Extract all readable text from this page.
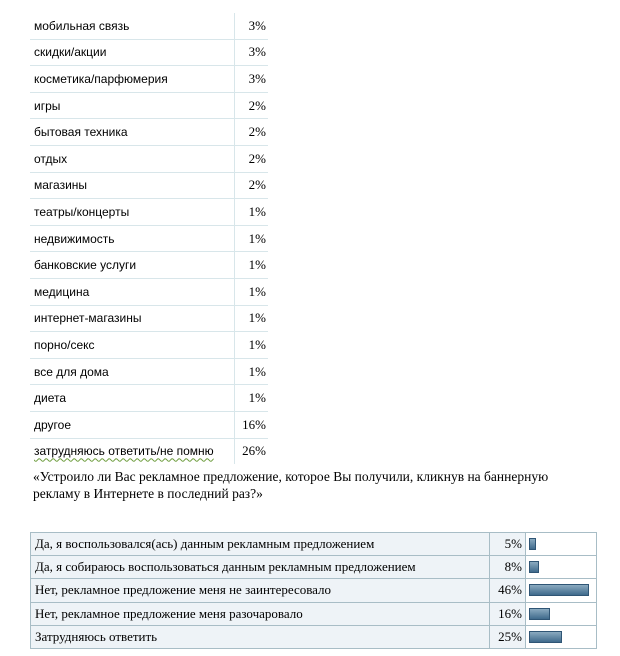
мобильная связь	3%
скидки/акции	3%
косметика/парфюмерия	3%
игры	2%
бытовая техника	2%
отдых	2%
магазины	2%
театры/концерты	1%
недвижимость	1%
банковские услуги	1%
медицина	1%
интернет-магазины	1%
порно/секс	1%
все для дома	1%
диета	1%
другое	16%
затрудняюсь ответить/не помню	26%
«Устроило ли Вас рекламное предложение, которое Вы получили, кликнув на баннерную рекламу в Интернете в последний раз?»
Да, я воспользовался(ась) данным рекламным предложением	5%	

Да, я собираюсь воспользоваться данным рекламным предложением	8%	

Нет, рекламное предложение меня не заинтересовало	46%	

Нет, рекламное предложение меня разочаровало	16%	

Затрудняюсь ответить	25%	
